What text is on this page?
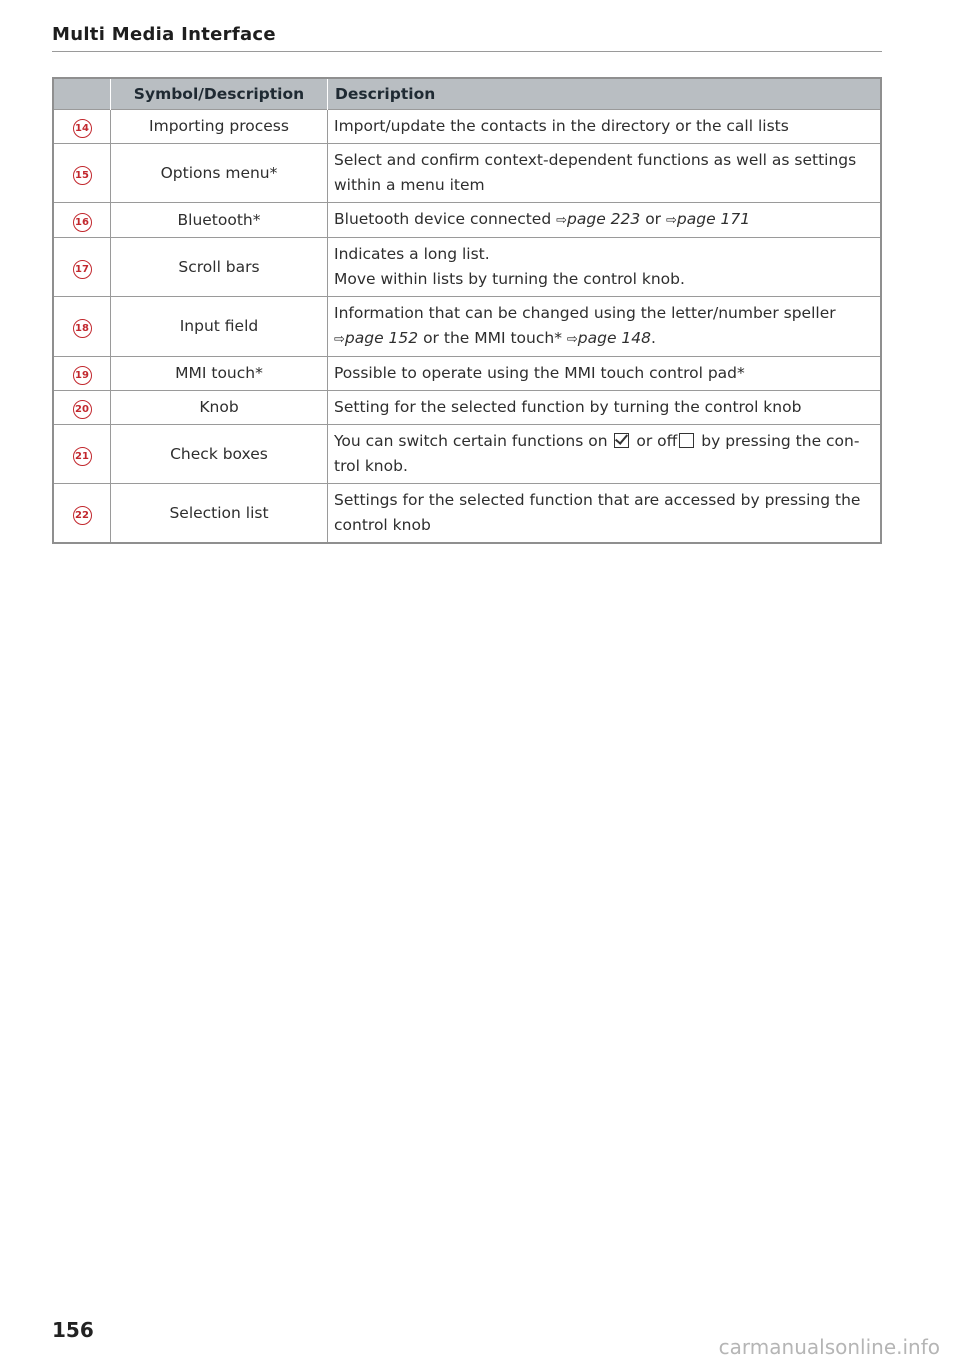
Multi Media Interface
	Symbol/Description	Description
14	Importing process	Import/update the contacts in the directory or the call lists
15	Options menu*	Select and confirm context-dependent functions as well as settings within a menu item
16	Bluetooth*	Bluetooth device connected ⇨page 223 or ⇨page 171
17	Scroll bars	Indicates a long list.
Move within lists by turning the control knob.
18	Input field	Information that can be changed using the letter/number speller ⇨page 152 or the MMI touch* ⇨page 148.
19	MMI touch*	Possible to operate using the MMI touch control pad*
20	Knob	Setting for the selected function by turning the control knob
21	Check boxes	You can switch certain functions on or off by pressing the con-trol knob.
22	Selection list	Settings for the selected function that are accessed by pressing the control knob
156
carmanualsonline.info
